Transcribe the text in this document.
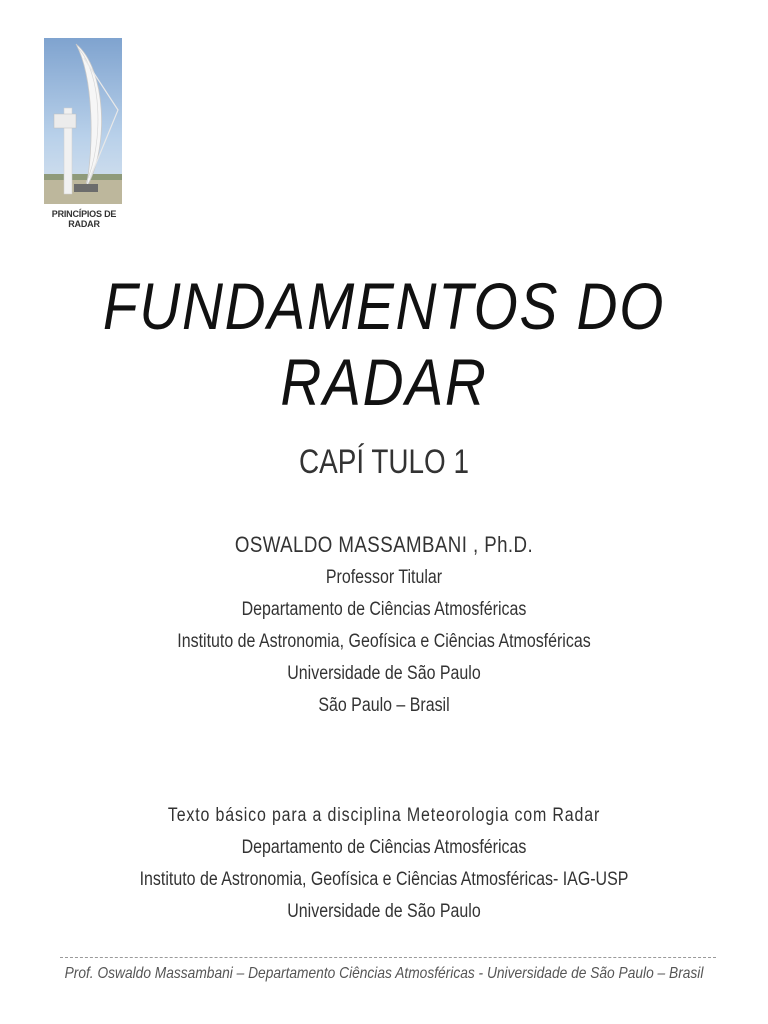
PRINCÍPIOS DE RADAR
FUNDAMENTOS DO RADAR
CAPÍ TULO 1
OSWALDO MASSAMBANI , Ph.D.
Professor Titular
Departamento de Ciências Atmosféricas
Instituto de Astronomia, Geofísica e Ciências Atmosféricas
Universidade de São Paulo
São Paulo – Brasil
Texto básico para a disciplina Meteorologia com Radar
Departamento de Ciências Atmosféricas
Instituto de Astronomia, Geofísica e Ciências Atmosféricas- IAG-USP
Universidade de São Paulo
Prof. Oswaldo Massambani – Departamento Ciências Atmosféricas - Universidade de São Paulo – Brasil
